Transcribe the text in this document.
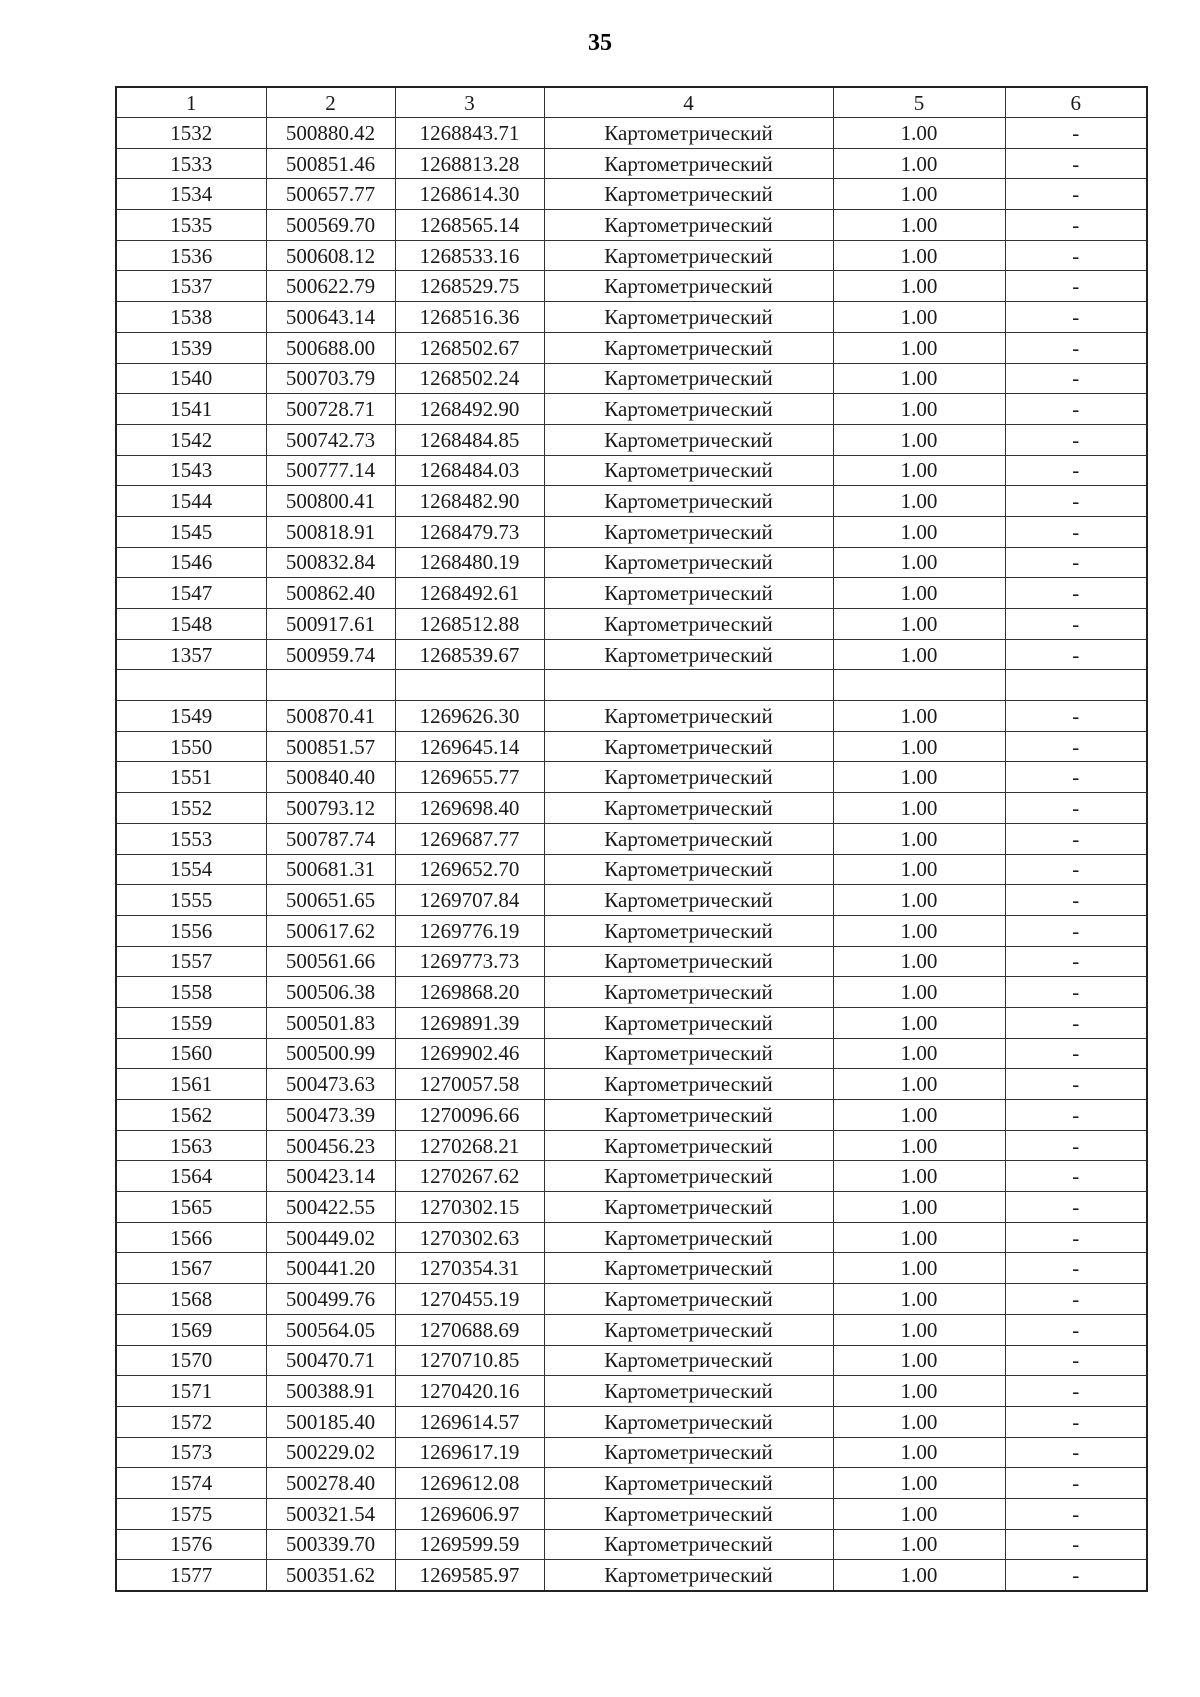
35
1	2	3	4	5	6
1532	500880.42	1268843.71	Картометрический	1.00	-
1533	500851.46	1268813.28	Картометрический	1.00	-
1534	500657.77	1268614.30	Картометрический	1.00	-
1535	500569.70	1268565.14	Картометрический	1.00	-
1536	500608.12	1268533.16	Картометрический	1.00	-
1537	500622.79	1268529.75	Картометрический	1.00	-
1538	500643.14	1268516.36	Картометрический	1.00	-
1539	500688.00	1268502.67	Картометрический	1.00	-
1540	500703.79	1268502.24	Картометрический	1.00	-
1541	500728.71	1268492.90	Картометрический	1.00	-
1542	500742.73	1268484.85	Картометрический	1.00	-
1543	500777.14	1268484.03	Картометрический	1.00	-
1544	500800.41	1268482.90	Картометрический	1.00	-
1545	500818.91	1268479.73	Картометрический	1.00	-
1546	500832.84	1268480.19	Картометрический	1.00	-
1547	500862.40	1268492.61	Картометрический	1.00	-
1548	500917.61	1268512.88	Картометрический	1.00	-
1357	500959.74	1268539.67	Картометрический	1.00	-

1549	500870.41	1269626.30	Картометрический	1.00	-
1550	500851.57	1269645.14	Картометрический	1.00	-
1551	500840.40	1269655.77	Картометрический	1.00	-
1552	500793.12	1269698.40	Картометрический	1.00	-
1553	500787.74	1269687.77	Картометрический	1.00	-
1554	500681.31	1269652.70	Картометрический	1.00	-
1555	500651.65	1269707.84	Картометрический	1.00	-
1556	500617.62	1269776.19	Картометрический	1.00	-
1557	500561.66	1269773.73	Картометрический	1.00	-
1558	500506.38	1269868.20	Картометрический	1.00	-
1559	500501.83	1269891.39	Картометрический	1.00	-
1560	500500.99	1269902.46	Картометрический	1.00	-
1561	500473.63	1270057.58	Картометрический	1.00	-
1562	500473.39	1270096.66	Картометрический	1.00	-
1563	500456.23	1270268.21	Картометрический	1.00	-
1564	500423.14	1270267.62	Картометрический	1.00	-
1565	500422.55	1270302.15	Картометрический	1.00	-
1566	500449.02	1270302.63	Картометрический	1.00	-
1567	500441.20	1270354.31	Картометрический	1.00	-
1568	500499.76	1270455.19	Картометрический	1.00	-
1569	500564.05	1270688.69	Картометрический	1.00	-
1570	500470.71	1270710.85	Картометрический	1.00	-
1571	500388.91	1270420.16	Картометрический	1.00	-
1572	500185.40	1269614.57	Картометрический	1.00	-
1573	500229.02	1269617.19	Картометрический	1.00	-
1574	500278.40	1269612.08	Картометрический	1.00	-
1575	500321.54	1269606.97	Картометрический	1.00	-
1576	500339.70	1269599.59	Картометрический	1.00	-
1577	500351.62	1269585.97	Картометрический	1.00	-
